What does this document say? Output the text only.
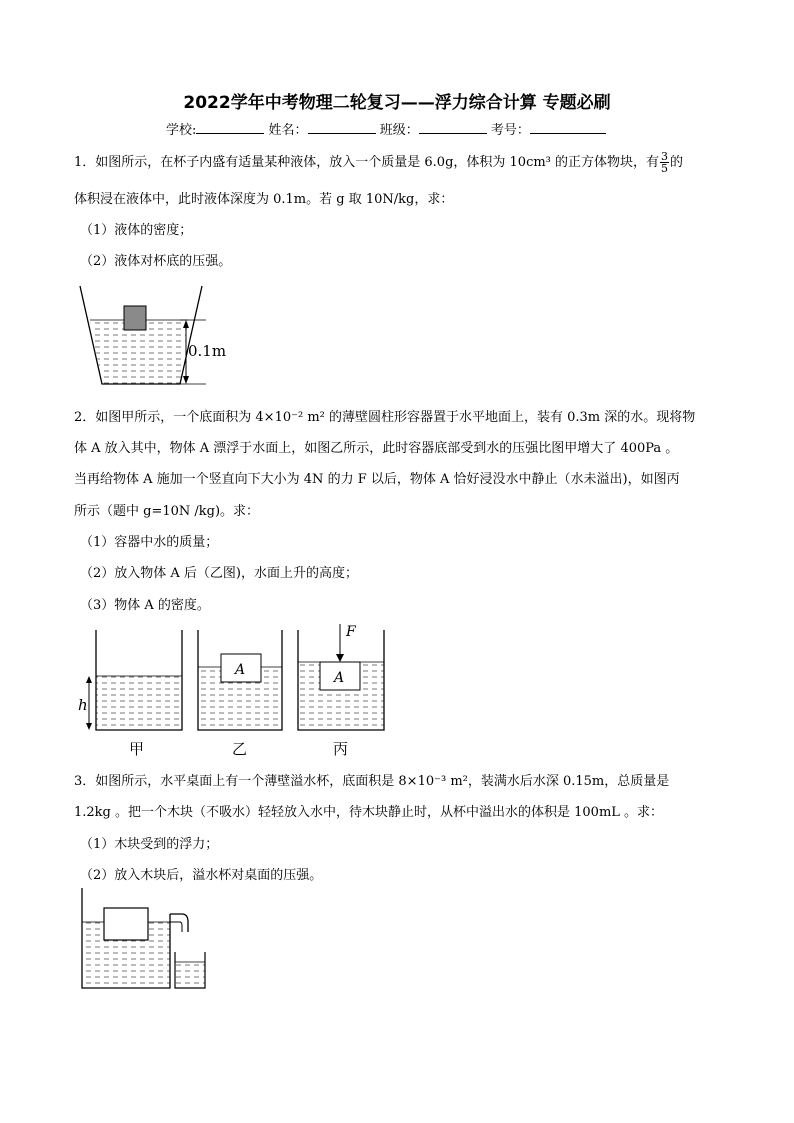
2022学年中考物理二轮复习——浮力综合计算 专题必刷
学校:	姓名：	班级：	考号：
1．如图所示，在杯子内盛有适量某种液体，放入一个质量是 6.0g，体积为 10cm³ 的正方体物块，有 $\frac{3}{5}$ 的
体积浸在液体中，此时液体深度为 0.1m。若 g 取 10N/kg，求：
（1）液体的密度；
（2）液体对杯底的压强。
0.1m
2．如图甲所示，一个底面积为 4×10⁻² m² 的薄壁圆柱形容器置于水平地面上，装有 0.3m 深的水。现将物
体 A 放入其中，物体 A 漂浮于水面上，如图乙所示，此时容器底部受到水的压强比图甲增大了 400Pa 。
当再给物体 A 施加一个竖直向下大小为 4N 的力 F 以后，物体 A 恰好浸没水中静止（水未溢出)，如图丙
所示（题中 g=10N /kg)。求：
（1）容器中水的质量；
（2）放入物体 A 后（乙图)，水面上升的高度；
（3）物体 A 的密度。
h
甲
A
乙
A
F
丙
3．如图所示，水平桌面上有一个薄壁溢水杯，底面积是 8×10⁻³ m²，装满水后水深 0.15m，总质量是
1.2kg 。把一个木块（不吸水）轻轻放入水中，待木块静止时，从杯中溢出水的体积是 100mL 。求：
（1）木块受到的浮力；
（2）放入木块后，溢水杯对桌面的压强。
